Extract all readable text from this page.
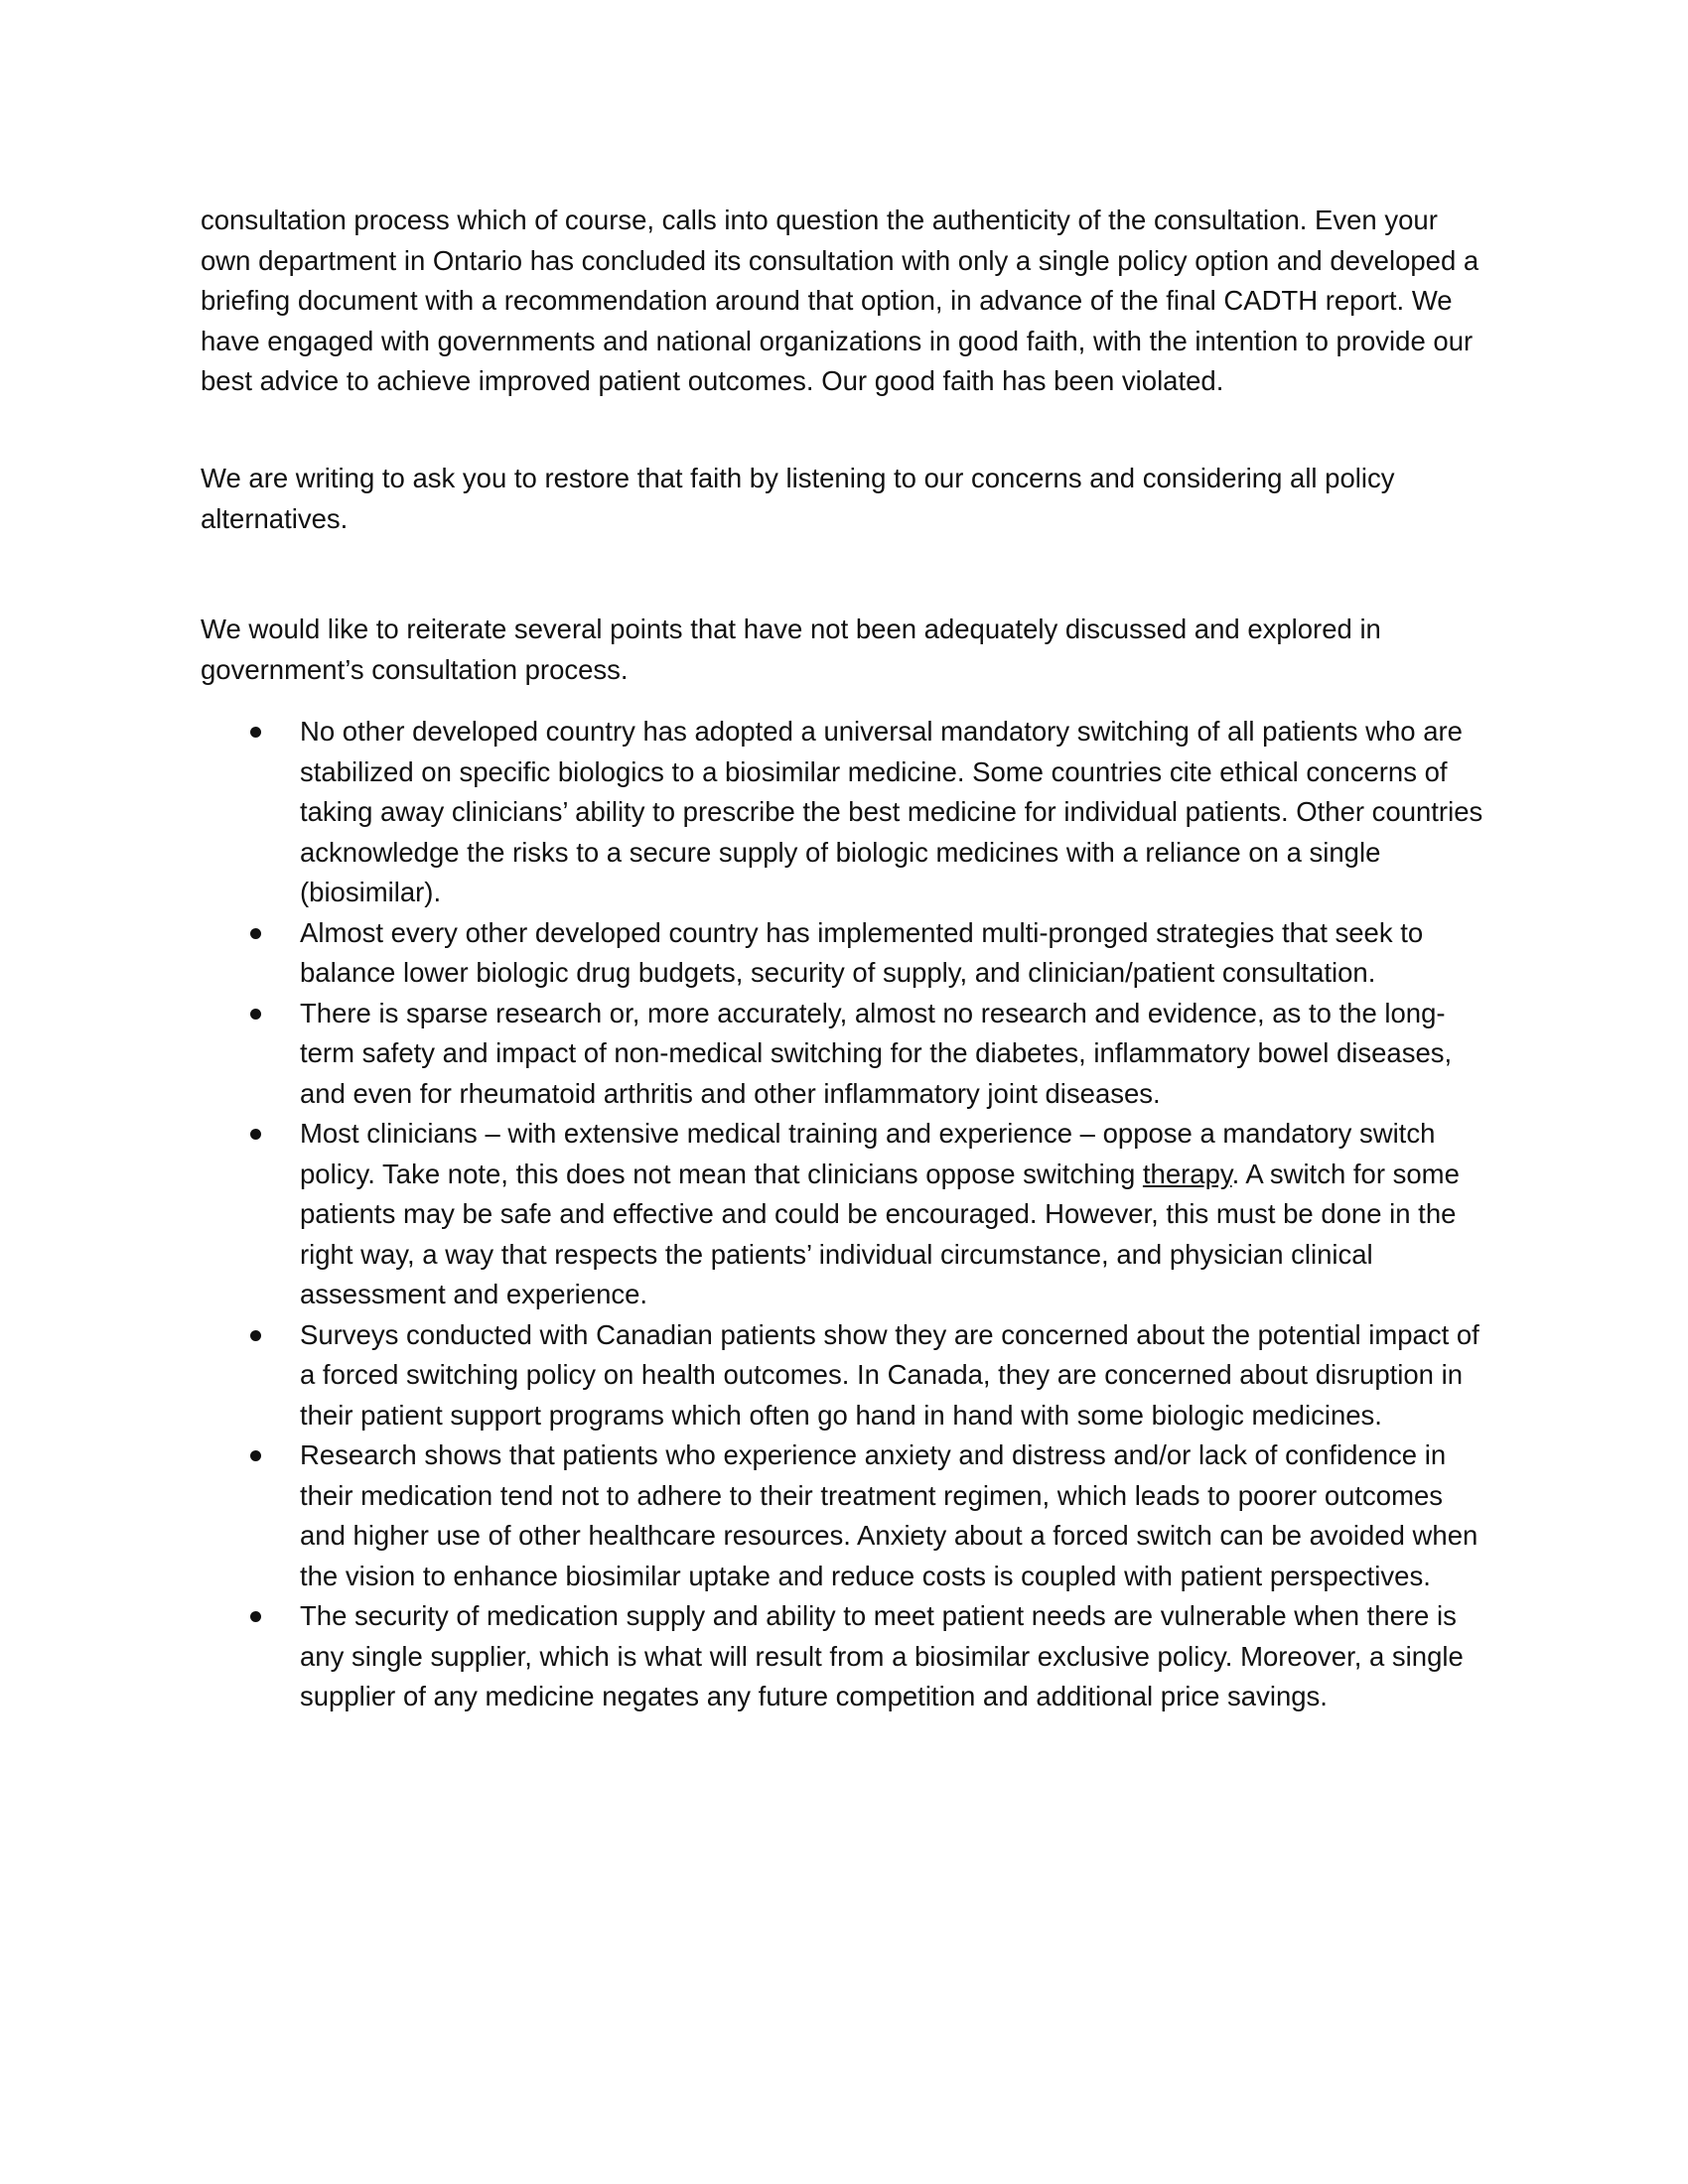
consultation process which of course, calls into question the authenticity of the consultation. Even your own department in Ontario has concluded its consultation with only a single policy option and developed a briefing document with a recommendation around that option, in advance of the final CADTH report. We have engaged with governments and national organizations in good faith, with the intention to provide our best advice to achieve improved patient outcomes. Our good faith has been violated.

We are writing to ask you to restore that faith by listening to our concerns and considering all policy alternatives.

We would like to reiterate several points that have not been adequately discussed and explored in government’s consultation process.

No other developed country has adopted a universal mandatory switching of all patients who are stabilized on specific biologics to a biosimilar medicine. Some countries cite ethical concerns of taking away clinicians’ ability to prescribe the best medicine for individual patients. Other countries acknowledge the risks to a secure supply of biologic medicines with a reliance on a single (biosimilar).
Almost every other developed country has implemented multi-pronged strategies that seek to balance lower biologic drug budgets, security of supply, and clinician/patient consultation.
There is sparse research or, more accurately, almost no research and evidence, as to the long-term safety and impact of non-medical switching for the diabetes, inflammatory bowel diseases, and even for rheumatoid arthritis and other inflammatory joint diseases.
Most clinicians – with extensive medical training and experience – oppose a mandatory switch policy. Take note, this does not mean that clinicians oppose switching therapy. A switch for some patients may be safe and effective and could be encouraged. However, this must be done in the right way, a way that respects the patients’ individual circumstance, and physician clinical assessment and experience.
Surveys conducted with Canadian patients show they are concerned about the potential impact of a forced switching policy on health outcomes. In Canada, they are concerned about disruption in their patient support programs which often go hand in hand with some biologic medicines.
Research shows that patients who experience anxiety and distress and/or lack of confidence in their medication tend not to adhere to their treatment regimen, which leads to poorer outcomes and higher use of other healthcare resources. Anxiety about a forced switch can be avoided when the vision to enhance biosimilar uptake and reduce costs is coupled with patient perspectives.
The security of medication supply and ability to meet patient needs are vulnerable when there is any single supplier, which is what will result from a biosimilar exclusive policy. Moreover, a single supplier of any medicine negates any future competition and additional price savings.
